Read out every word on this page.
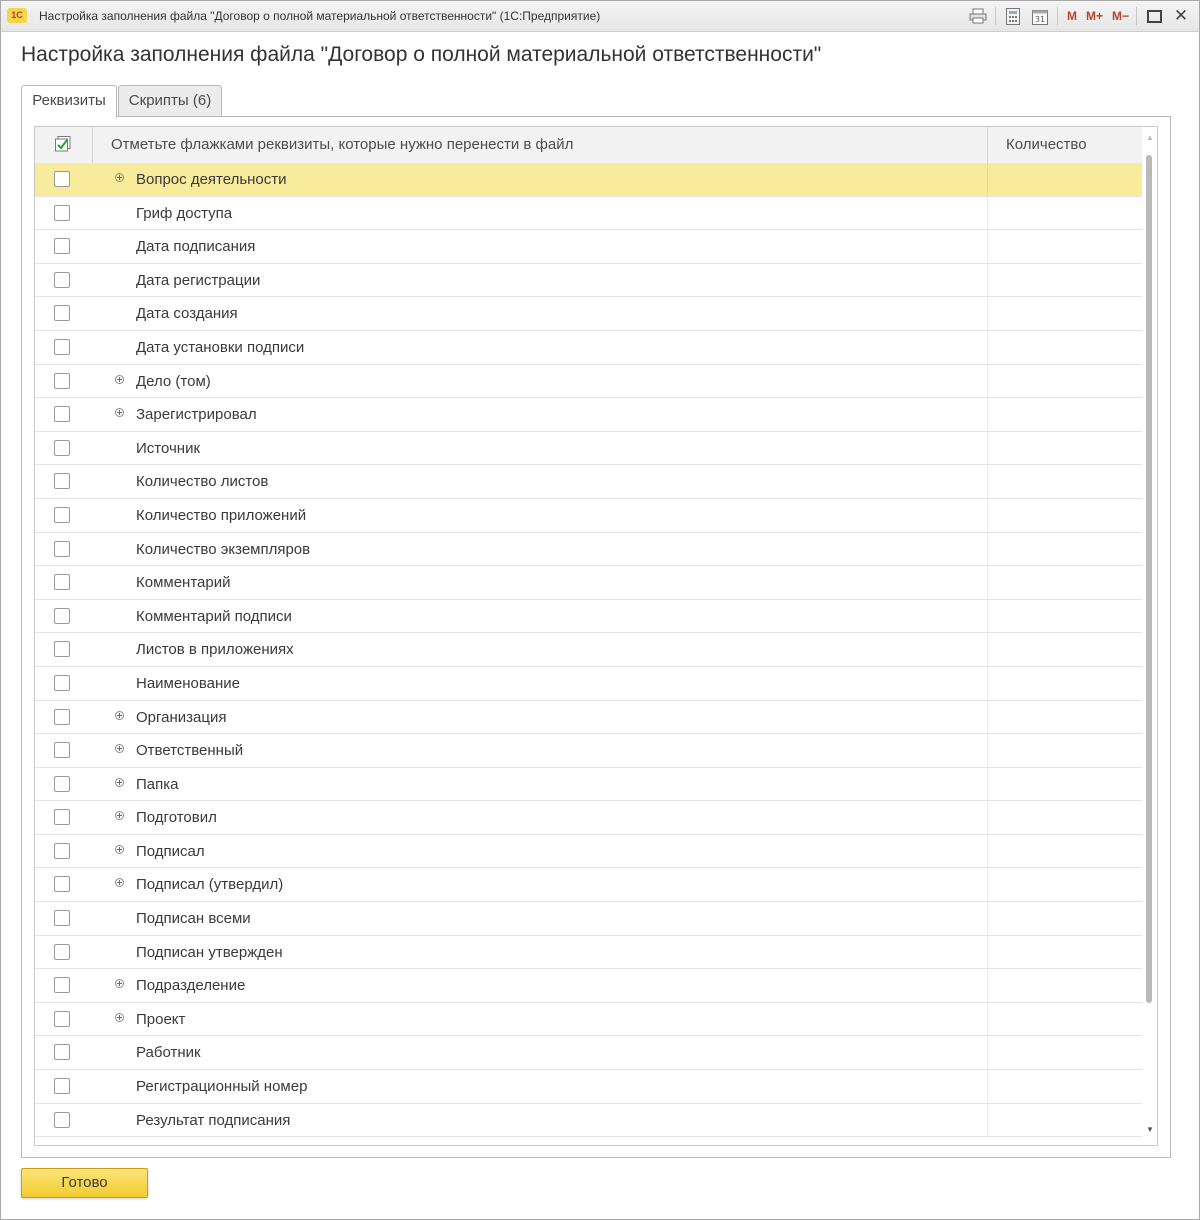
1С	Настройка заполнения файла "Договор о полной материальной ответственности" (1С:Предприятие)	31 M M+ M−	✕
Настройка заполнения файла "Договор о полной материальной ответственности"
Реквизиты	Скрипты (6)
Отметьте флажками реквизиты, которые нужно перенести в файл	Количество
Вопрос деятельности
Гриф доступа
Дата подписания
Дата регистрации
Дата создания
Дата установки подписи
Дело (том)
Зарегистрировал
Источник
Количество листов
Количество приложений
Количество экземпляров
Комментарий
Комментарий подписи
Листов в приложениях
Наименование
Организация
Ответственный
Папка
Подготовил
Подписал
Подписал (утвердил)
Подписан всеми
Подписан утвержден
Подразделение
Проект
Работник
Регистрационный номер
Результат подписания
▲
▼
Готово
